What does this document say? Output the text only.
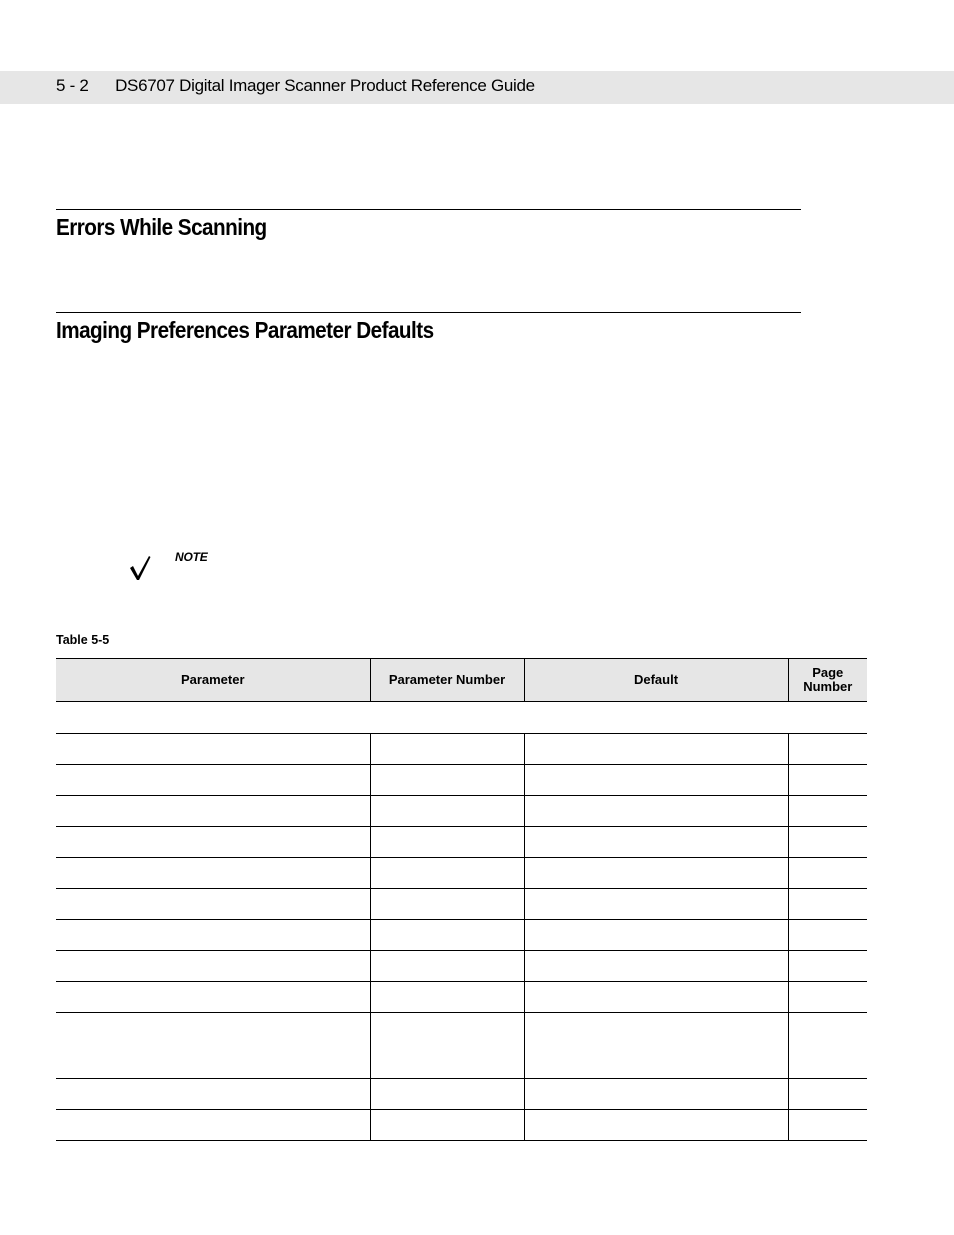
5 - 2 DS6707 Digital Imager Scanner Product Reference Guide
Errors While Scanning
Imaging Preferences Parameter Defaults
NOTE
Table 5-5
Parameter	Parameter Number	Default	Page
Number
